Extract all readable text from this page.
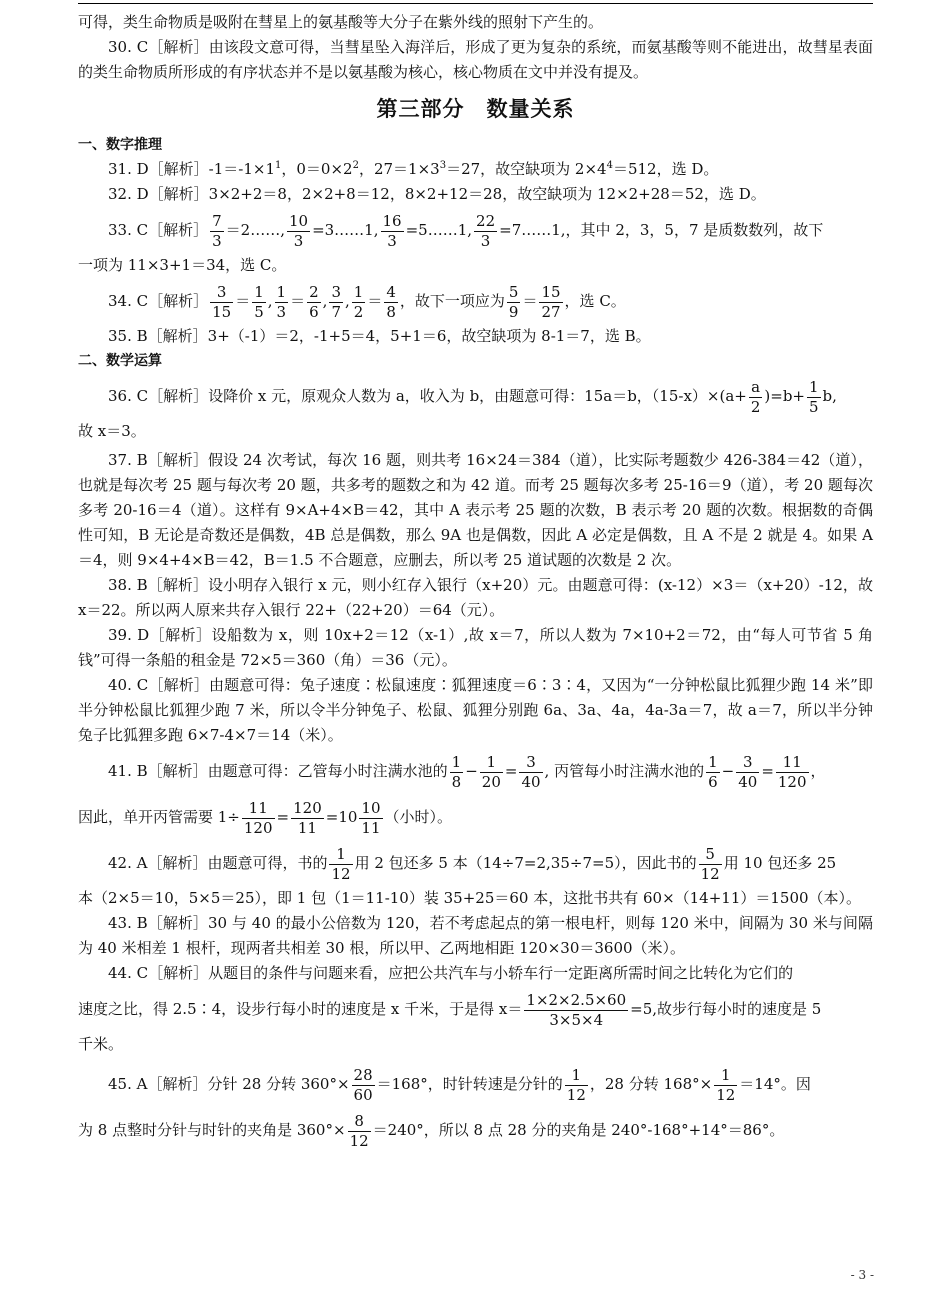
可得，类生命物质是吸附在彗星上的氨基酸等大分子在紫外线的照射下产生的。

30. C［解析］由该段文意可得，当彗星坠入海洋后，形成了更为复杂的系统，而氨基酸等则不能进出，故彗星表面的类生命物质所形成的有序状态并不是以氨基酸为核心，核心物质在文中并没有提及。

第三部分　数量关系
一、数字推理

31. D［解析$]-1=-1\times 1^1$，$0=0\times 2^2$，$27=1\times 3^3=27$，故空缺项为 $2\times 4^4=512$，选 D。

32. D［解析］3×2+2＝8，2×2+8＝12，8×2+12＝28，故空缺项为 12×2+28＝52，选 D。

33. C［解析］ $\frac{7}{3}$ ＝2……, $\frac{10}{3}$ =3……1, $\frac{16}{3}$ =5……1, $\frac{22}{3}$ =7……1,，其中 2，3，5，7 是质数数列，故下

一项为 11×3+1＝34，选 C。

34. C［解析］ $\frac{3}{15} = \frac{1}{5}$ , $\frac{1}{3} = \frac{2}{6}$ , $\frac{3}{7}$ , $\frac{1}{2} = \frac{4}{8}$ ，故下一项应为 $\frac{5}{9} = \frac{15}{27}$ ，选 C。

35. B［解析］3+（-1）＝2，-1+5＝4，5+1＝6，故空缺项为 8-1＝7，选 B。

二、数学运算

36. C［解析］设降价 x 元，原观众人数为 a，收入为 b，由题意可得：15a＝b，$(15-x)\times(a+ \frac{a}{2} )=b+ \frac{1}{5} b$,

故 x＝3。

37. B［解析］假设 24 次考试，每次 16 题，则共考 16×24＝384（道），比实际考题数少 426-384＝42（道），也就是每次考 25 题与每次考 20 题，共多考的题数之和为 42 道。而考 25 题每次多考 25-16＝9（道），考 20 题每次多考 20-16＝4（道）。这样有 9×A+4×B＝42，其中 A 表示考 25 题的次数，B 表示考 20 题的次数。根据数的奇偶性可知，B 无论是奇数还是偶数，4B 总是偶数，那么 9A 也是偶数，因此 A 必定是偶数，且 A 不是 2 就是 4。如果 A＝4，则 9×4+4×B＝42，B＝1.5 不合题意，应删去，所以考 25 道试题的次数是 2 次。

38. B［解析］设小明存入银行 x 元，则小红存入银行（x+20）元。由题意可得：(x-12）×3＝（x+20）-12，故 x＝22。所以两人原来共存入银行 22+（22+20）＝64（元）。

39. D［解析］设船数为 x，则 10x+2＝12（x-1）,故 x＝7，所以人数为 7×10+2＝72，由“每人可节省 5 角钱”可得一条船的租金是 72×5＝360（角）＝36（元）。

40. C［解析］由题意可得：兔子速度∶松鼠速度∶狐狸速度＝6∶3∶4，又因为“一分钟松鼠比狐狸少跑 14 米”即半分钟松鼠比狐狸少跑 7 米，所以令半分钟兔子、松鼠、狐狸分别跑 6a、3a、4a，4a-3a＝7，故 a＝7，所以半分钟兔子比狐狸多跑 6×7-4×7＝14（米）。

41. B［解析］由题意可得：乙管每小时注满水池的 $\frac{1}{8} - \frac{1}{20} = \frac{3}{40}$ , 丙管每小时注满水池的 $\frac{1}{6} - \frac{3}{40} = \frac{11}{120}$ ，

因此，单开丙管需要 $1\div \frac{11}{120} = \frac{120}{11} =10 \frac{10}{11}$ （小时）。

42. A［解析］由题意可得，书的 $\frac{1}{12}$ 用 2 包还多 5 本（14÷7=2,35÷7=5），因此书的 $\frac{5}{12}$ 用 10 包还多 25

本（2×5＝10，5×5＝25），即 1 包（1＝11-10）装 35+25＝60 本，这批书共有 60×（14+11）＝1500（本）。

43. B［解析］30 与 40 的最小公倍数为 120，若不考虑起点的第一根电杆，则每 120 米中，间隔为 30 米与间隔为 40 米相差 1 根杆，现两者共相差 30 根，所以甲、乙两地相距 120×30＝3600（米）。

44. C［解析］从题目的条件与问题来看，应把公共汽车与小轿车行一定距离所需时间之比转化为它们的

速度之比，得 2.5∶4，设步行每小时的速度是 x 千米，于是得 $x= \frac{1\times 2\times 2.5\times 60}{3\times 5\times 4} =5$,故步行每小时的速度是 5

千米。

45. A［解析］分针 28 分转 $360^\circ\times \frac{28}{60} =168^\circ$，时针转速是分针的 $\frac{1}{12}$ ，28 分转 $168^\circ\times \frac{1}{12} =14^\circ$。因

为 8 点整时分针与时针的夹角是 $360^\circ\times \frac{8}{12} =240^\circ$，所以 8 点 28 分的夹角是 240°-168°+14°＝86°。

- 3 -
